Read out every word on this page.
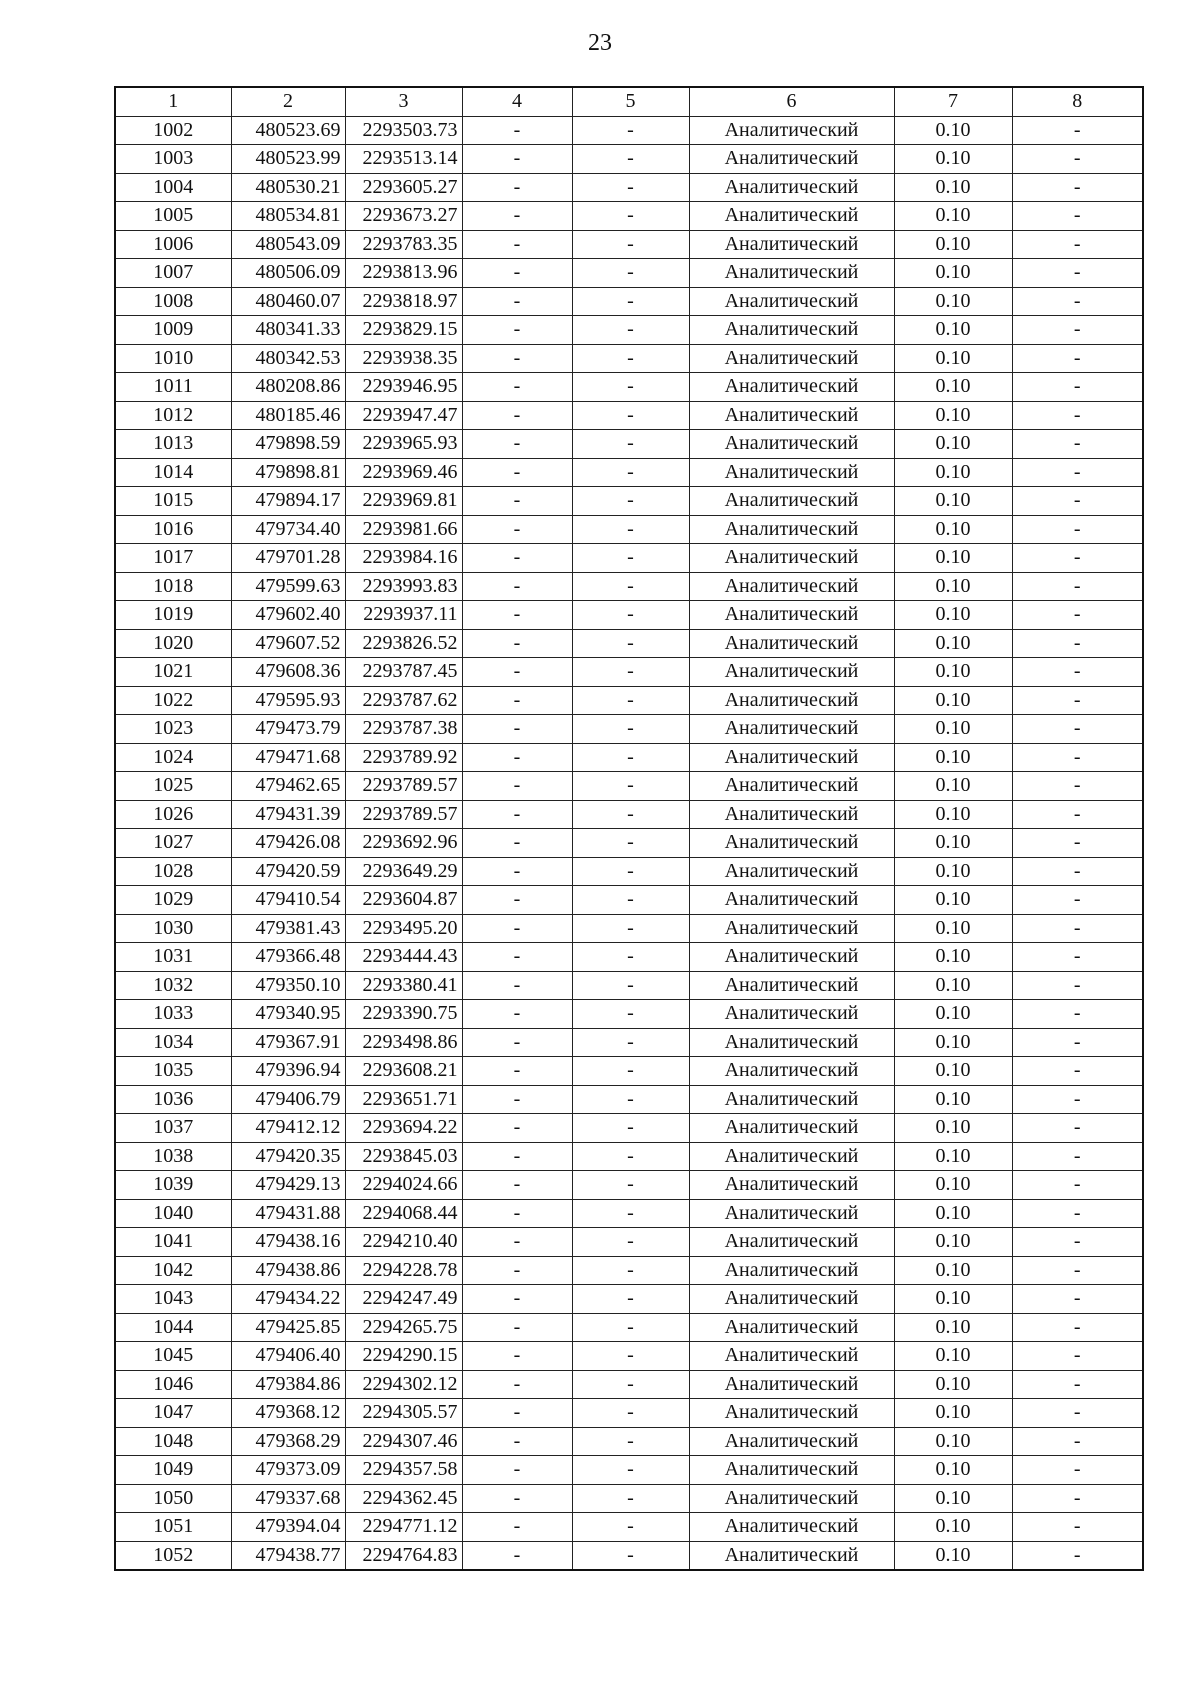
23
1	2	3	4	5	6	7	8
1002	480523.69	2293503.73	-	-	Аналитический	0.10	-
1003	480523.99	2293513.14	-	-	Аналитический	0.10	-
1004	480530.21	2293605.27	-	-	Аналитический	0.10	-
1005	480534.81	2293673.27	-	-	Аналитический	0.10	-
1006	480543.09	2293783.35	-	-	Аналитический	0.10	-
1007	480506.09	2293813.96	-	-	Аналитический	0.10	-
1008	480460.07	2293818.97	-	-	Аналитический	0.10	-
1009	480341.33	2293829.15	-	-	Аналитический	0.10	-
1010	480342.53	2293938.35	-	-	Аналитический	0.10	-
1011	480208.86	2293946.95	-	-	Аналитический	0.10	-
1012	480185.46	2293947.47	-	-	Аналитический	0.10	-
1013	479898.59	2293965.93	-	-	Аналитический	0.10	-
1014	479898.81	2293969.46	-	-	Аналитический	0.10	-
1015	479894.17	2293969.81	-	-	Аналитический	0.10	-
1016	479734.40	2293981.66	-	-	Аналитический	0.10	-
1017	479701.28	2293984.16	-	-	Аналитический	0.10	-
1018	479599.63	2293993.83	-	-	Аналитический	0.10	-
1019	479602.40	2293937.11	-	-	Аналитический	0.10	-
1020	479607.52	2293826.52	-	-	Аналитический	0.10	-
1021	479608.36	2293787.45	-	-	Аналитический	0.10	-
1022	479595.93	2293787.62	-	-	Аналитический	0.10	-
1023	479473.79	2293787.38	-	-	Аналитический	0.10	-
1024	479471.68	2293789.92	-	-	Аналитический	0.10	-
1025	479462.65	2293789.57	-	-	Аналитический	0.10	-
1026	479431.39	2293789.57	-	-	Аналитический	0.10	-
1027	479426.08	2293692.96	-	-	Аналитический	0.10	-
1028	479420.59	2293649.29	-	-	Аналитический	0.10	-
1029	479410.54	2293604.87	-	-	Аналитический	0.10	-
1030	479381.43	2293495.20	-	-	Аналитический	0.10	-
1031	479366.48	2293444.43	-	-	Аналитический	0.10	-
1032	479350.10	2293380.41	-	-	Аналитический	0.10	-
1033	479340.95	2293390.75	-	-	Аналитический	0.10	-
1034	479367.91	2293498.86	-	-	Аналитический	0.10	-
1035	479396.94	2293608.21	-	-	Аналитический	0.10	-
1036	479406.79	2293651.71	-	-	Аналитический	0.10	-
1037	479412.12	2293694.22	-	-	Аналитический	0.10	-
1038	479420.35	2293845.03	-	-	Аналитический	0.10	-
1039	479429.13	2294024.66	-	-	Аналитический	0.10	-
1040	479431.88	2294068.44	-	-	Аналитический	0.10	-
1041	479438.16	2294210.40	-	-	Аналитический	0.10	-
1042	479438.86	2294228.78	-	-	Аналитический	0.10	-
1043	479434.22	2294247.49	-	-	Аналитический	0.10	-
1044	479425.85	2294265.75	-	-	Аналитический	0.10	-
1045	479406.40	2294290.15	-	-	Аналитический	0.10	-
1046	479384.86	2294302.12	-	-	Аналитический	0.10	-
1047	479368.12	2294305.57	-	-	Аналитический	0.10	-
1048	479368.29	2294307.46	-	-	Аналитический	0.10	-
1049	479373.09	2294357.58	-	-	Аналитический	0.10	-
1050	479337.68	2294362.45	-	-	Аналитический	0.10	-
1051	479394.04	2294771.12	-	-	Аналитический	0.10	-
1052	479438.77	2294764.83	-	-	Аналитический	0.10	-
